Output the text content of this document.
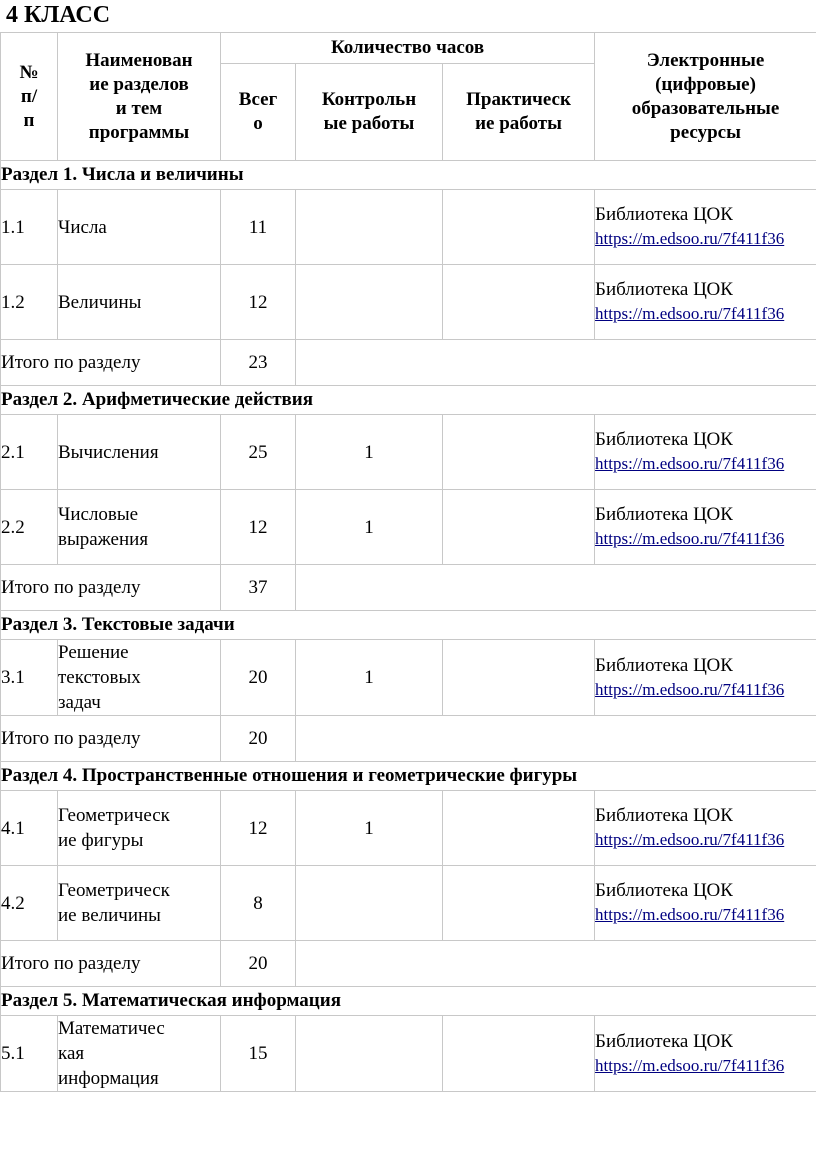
4 КЛАСС
№
п/
п	Наименован
ие разделов
и тем
программы	Количество часов			Электронные
(цифровые)
образовательные
ресурсы
		Всег
о	Контрольн
ые работы	Практическ
ие работы	
Раздел 1. Числа и величины					
1.1	Числа	11			Библиотека ЦОК
https://m.edsoo.ru/7f411f36
1.2	Величины	12			Библиотека ЦОК
https://m.edsoo.ru/7f411f36
Итого по разделу		23			
Раздел 2. Арифметические действия					
2.1	Вычисления	25	1		Библиотека ЦОК
https://m.edsoo.ru/7f411f36
2.2	Числовые
выражения	12	1		Библиотека ЦОК
https://m.edsoo.ru/7f411f36
Итого по разделу		37			
Раздел 3. Текстовые задачи					
3.1	Решение
текстовых
задач	20	1		Библиотека ЦОК
https://m.edsoo.ru/7f411f36
Итого по разделу		20			
Раздел 4. Пространственные отношения и геометрические фигуры					
4.1	Геометрическ
ие фигуры	12	1		Библиотека ЦОК
https://m.edsoo.ru/7f411f36
4.2	Геометрическ
ие величины	8			Библиотека ЦОК
https://m.edsoo.ru/7f411f36
Итого по разделу		20			
Раздел 5. Математическая информация					
5.1	Математичес
кая
информация	15			Библиотека ЦОК
https://m.edsoo.ru/7f411f36
